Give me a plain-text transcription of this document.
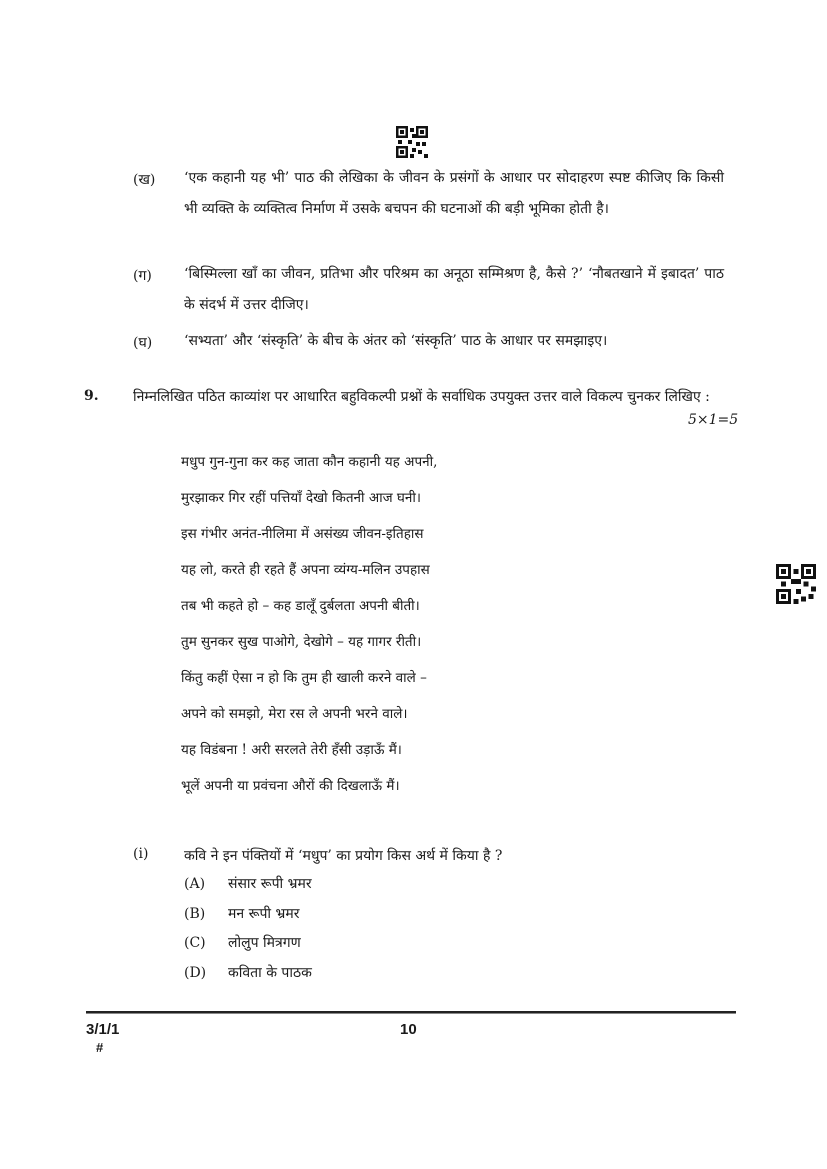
(ख) ‘एक कहानी यह भी’ पाठ की लेखिका के जीवन के प्रसंगों के आधार पर सोदाहरण स्पष्ट कीजिए कि किसी भी व्यक्ति के व्यक्तित्व निर्माण में उसके बचपन की घटनाओं की बड़ी भूमिका होती है।
(ग) ‘बिस्मिल्ला खाँ का जीवन, प्रतिभा और परिश्रम का अनूठा सम्मिश्रण है, कैसे ?’ ‘नौबतखाने में इबादत’ पाठ के संदर्भ में उत्तर दीजिए।
(घ) ‘सभ्यता’ और ‘संस्कृति’ के बीच के अंतर को ‘संस्कृति’ पाठ के आधार पर समझाइए।
9. निम्नलिखित पठित काव्यांश पर आधारित बहुविकल्पी प्रश्नों के सर्वाधिक उपयुक्त उत्तर वाले विकल्प चुनकर लिखिए :
5×1=5
मधुप गुन-गुना कर कह जाता कौन कहानी यह अपनी,
मुरझाकर गिर रहीं पत्तियाँ देखो कितनी आज घनी।
इस गंभीर अनंत-नीलिमा में असंख्य जीवन-इतिहास
यह लो, करते ही रहते हैं अपना व्यंग्य-मलिन उपहास
तब भी कहते हो – कह डालूँ दुर्बलता अपनी बीती।
तुम सुनकर सुख पाओगे, देखोगे – यह गागर रीती।
किंतु कहीं ऐसा न हो कि तुम ही खाली करने वाले –
अपने को समझो, मेरा रस ले अपनी भरने वाले।
यह विडंबना ! अरी सरलते तेरी हँसी उड़ाऊँ मैं।
भूलें अपनी या प्रवंचना औरों की दिखलाऊँ मैं।
(i)	कवि ने इन पंक्तियों में ‘मधुप’ का प्रयोग किस अर्थ में किया है ?
(A) संसार रूपी भ्रमर
(B) मन रूपी भ्रमर
(C) लोलुप मित्रगण
(D) कविता के पाठक
3/1/1
#
10
